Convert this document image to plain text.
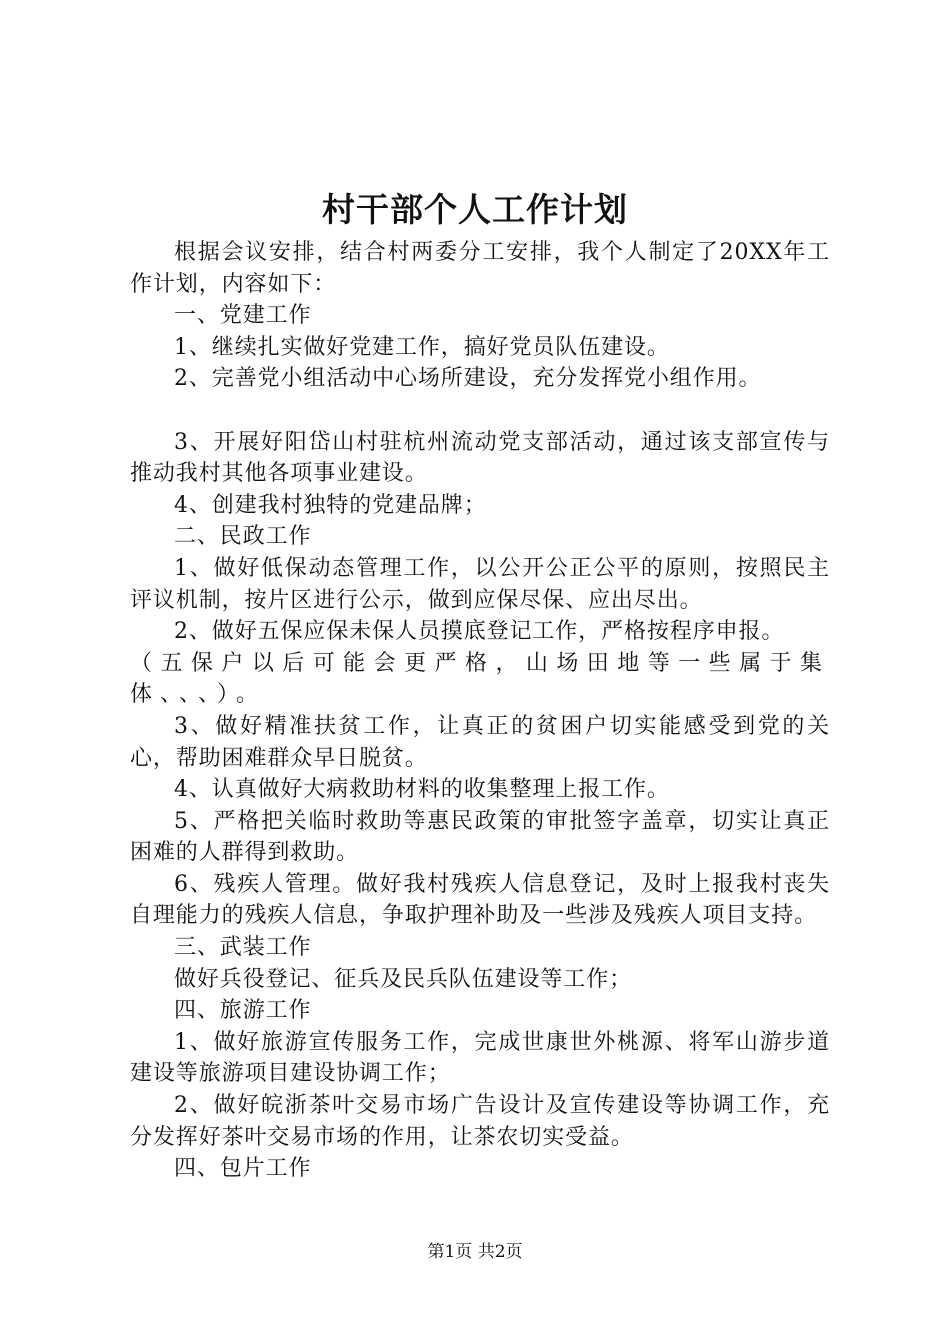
村干部个人工作计划

根据会议安排，结合村两委分工安排，我个人制定了20XX年工作计划，内容如下：

一、党建工作

1、继续扎实做好党建工作，搞好党员队伍建设。

2、完善党小组活动中心场所建设，充分发挥党小组作用。

3、开展好阳岱山村驻杭州流动党支部活动，通过该支部宣传与推动我村其他各项事业建设。

4、创建我村独特的党建品牌；

二、民政工作

1、做好低保动态管理工作，以公开公正公平的原则，按照民主评议机制，按片区进行公示，做到应保尽保、应出尽出。

2、做好五保应保未保人员摸底登记工作，严格按程序申报。

（五保户以后可能会更严格，山场田地等一些属于集体、、、）。

3、做好精准扶贫工作，让真正的贫困户切实能感受到党的关心，帮助困难群众早日脱贫。

4、认真做好大病救助材料的收集整理上报工作。

5、严格把关临时救助等惠民政策的审批签字盖章，切实让真正困难的人群得到救助。

6、残疾人管理。做好我村残疾人信息登记，及时上报我村丧失自理能力的残疾人信息，争取护理补助及一些涉及残疾人项目支持。

三、武装工作

做好兵役登记、征兵及民兵队伍建设等工作；

四、旅游工作

1、做好旅游宣传服务工作，完成世康世外桃源、将军山游步道建设等旅游项目建设协调工作；

2、做好皖浙茶叶交易市场广告设计及宣传建设等协调工作，充分发挥好茶叶交易市场的作用，让茶农切实受益。

四、包片工作

第1页 共2页
